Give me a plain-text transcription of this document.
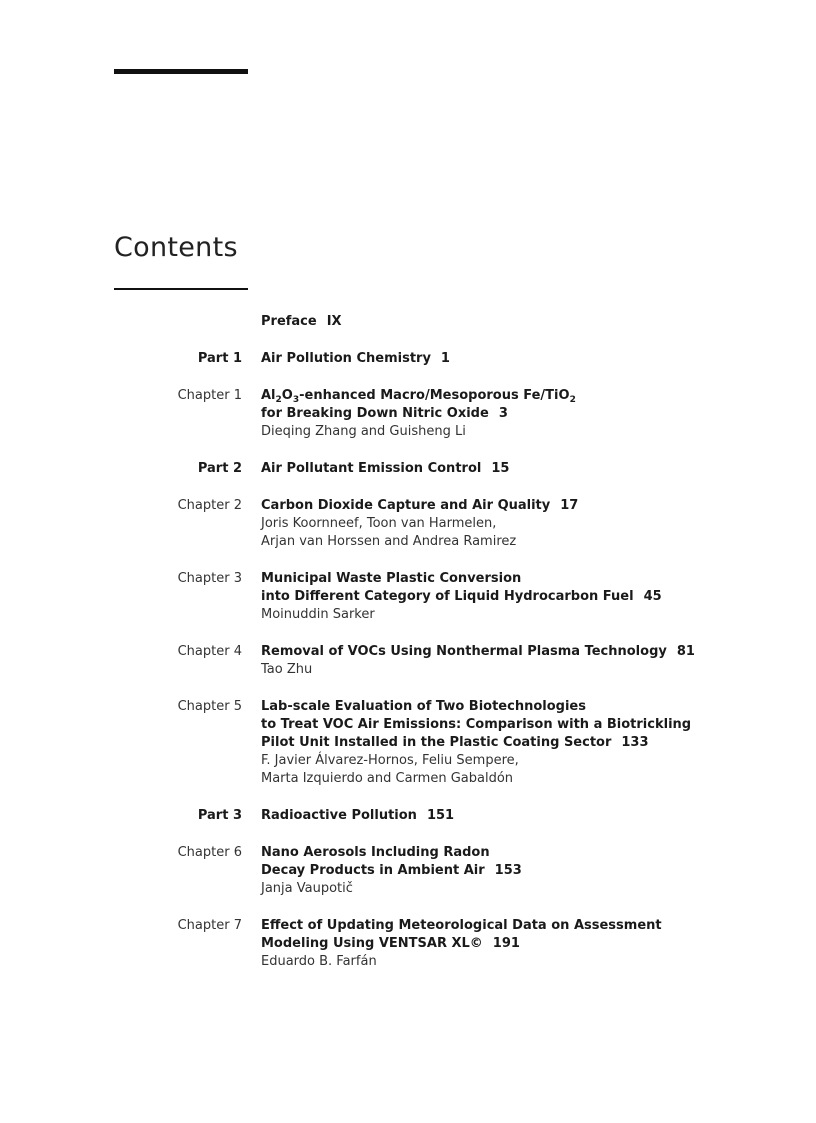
Contents
Preface IX
Part 1 Air Pollution Chemistry 1
Chapter 1 $Al_2O_3$-enhanced Macro/Mesoporous Fe/TiO$_2$
for Breaking Down Nitric Oxide 3
Dieqing Zhang and Guisheng Li
Part 2 Air Pollutant Emission Control 15
Chapter 2 Carbon Dioxide Capture and Air Quality 17
Joris Koornneef, Toon van Harmelen,
Arjan van Horssen and Andrea Ramirez
Chapter 3 Municipal Waste Plastic Conversion
into Different Category of Liquid Hydrocarbon Fuel 45
Moinuddin Sarker
Chapter 4 Removal of VOCs Using Nonthermal Plasma Technology 81
Tao Zhu
Chapter 5 Lab-scale Evaluation of Two Biotechnologies
to Treat VOC Air Emissions: Comparison with a Biotrickling
Pilot Unit Installed in the Plastic Coating Sector 133
F. Javier Álvarez-Hornos, Feliu Sempere,
Marta Izquierdo and Carmen Gabaldón
Part 3 Radioactive Pollution 151
Chapter 6 Nano Aerosols Including Radon
Decay Products in Ambient Air 153
Janja Vaupotič
Chapter 7 Effect of Updating Meteorological Data on Assessment
Modeling Using VENTSAR XL© 191
Eduardo B. Farfán
